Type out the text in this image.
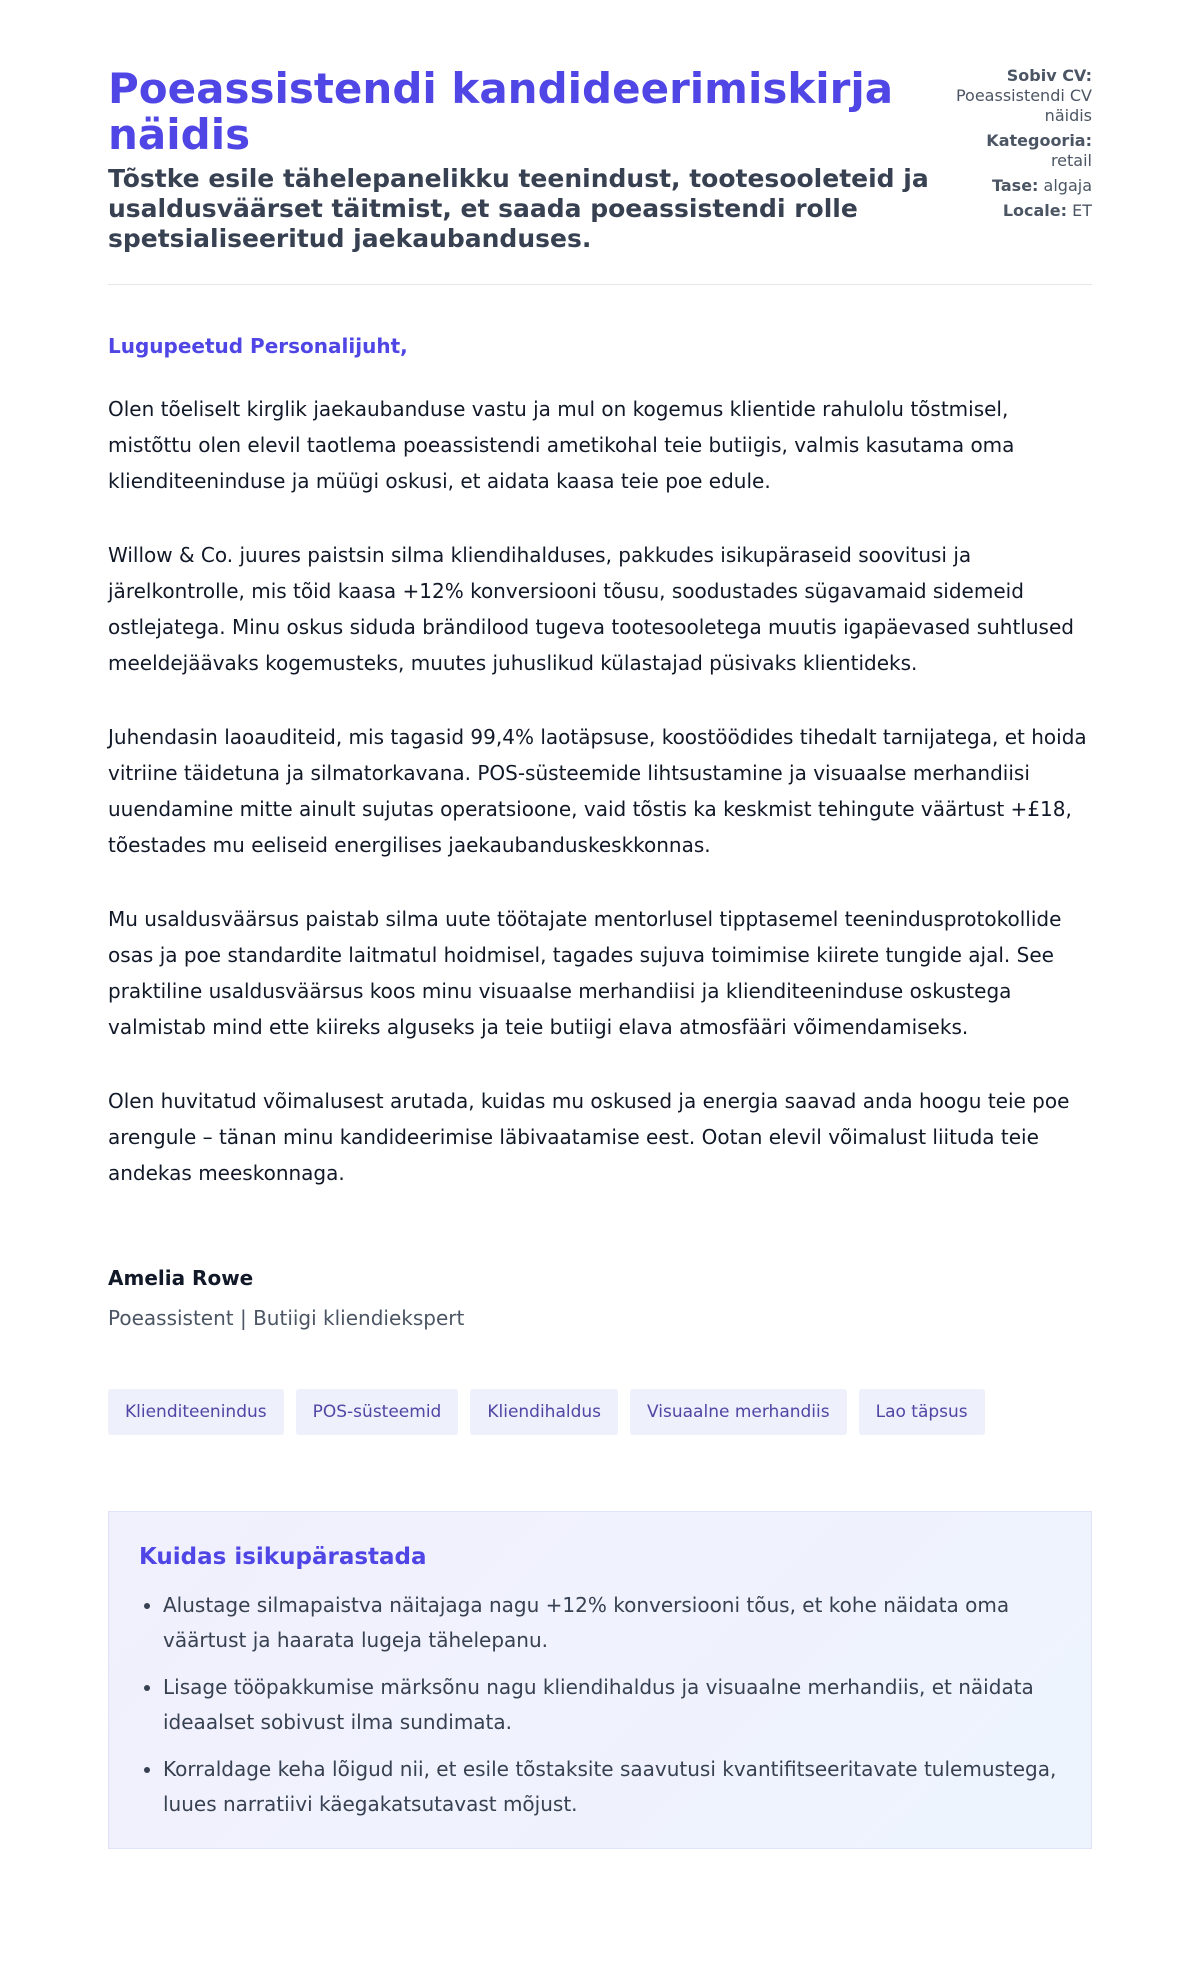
Poeassistendi kandideerimiskirja näidis

Tõstke esile tähelepanelikku teenindust, tootesooleteid ja usaldusväärset täitmist, et saada poeassistendi rolle spetsialiseeritud jaekaubanduses.

Sobiv CV:
Poeassistendi CV näidis
Kategooria:
retail
Tase: algaja
Locale: ET
Lugupeetud Personalijuht,

Olen tõeliselt kirglik jaekaubanduse vastu ja mul on kogemus klientide rahulolu tõstmisel, mistõttu olen elevil taotlema poeassistendi ametikohal teie butiigis, valmis kasutama oma klienditeeninduse ja müügi oskusi, et aidata kaasa teie poe edule.

Willow & Co. juures paistsin silma kliendihalduses, pakkudes isikupäraseid soovitusi ja järelkontrolle, mis tõid kaasa +12% konversiooni tõusu, soodustades sügavamaid sidemeid ostlejatega. Minu oskus siduda brändilood tugeva tootesooletega muutis igapäevased suhtlused meeldejäävaks kogemusteks, muutes juhuslikud külastajad püsivaks klientideks.

Juhendasin laoauditeid, mis tagasid 99,4% laotäpsuse, koostöödides tihedalt tarnijatega, et hoida vitriine täidetuna ja silmatorkavana. POS-süsteemide lihtsustamine ja visuaalse merhandiisi uuendamine mitte ainult sujutas operatsioone, vaid tõstis ka keskmist tehingute väärtust +£18, tõestades mu eeliseid energilises jaekaubanduskeskkonnas.

Mu usaldusväärsus paistab silma uute töötajate mentorlusel tipptasemel teenindusprotokollide osas ja poe standardite laitmatul hoidmisel, tagades sujuva toimimise kiirete tungide ajal. See praktiline usaldusväärsus koos minu visuaalse merhandiisi ja klienditeeninduse oskustega valmistab mind ette kiireks alguseks ja teie butiigi elava atmosfääri võimendamiseks.

Olen huvitatud võimalusest arutada, kuidas mu oskused ja energia saavad anda hoogu teie poe arengule – tänan minu kandideerimise läbivaatamise eest. Ootan elevil võimalust liituda teie andekas meeskonnaga.

Amelia Rowe
Poeassistent | Butiigi kliendiekspert
Klienditeenindus	POS-süsteemid	Kliendihaldus	Visuaalne merhandiis	Lao täpsus
Kuidas isikupärastada
• Alustage silmapaistva näitajaga nagu +12% konversiooni tõus, et kohe näidata oma väärtust ja haarata lugeja tähelepanu.
• Lisage tööpakkumise märksõnu nagu kliendihaldus ja visuaalne merhandiis, et näidata ideaalset sobivust ilma sundimata.
• Korraldage keha lõigud nii, et esile tõstaksite saavutusi kvantifitseeritavate tulemustega, luues narratiivi käegakatsutavast mõjust.
